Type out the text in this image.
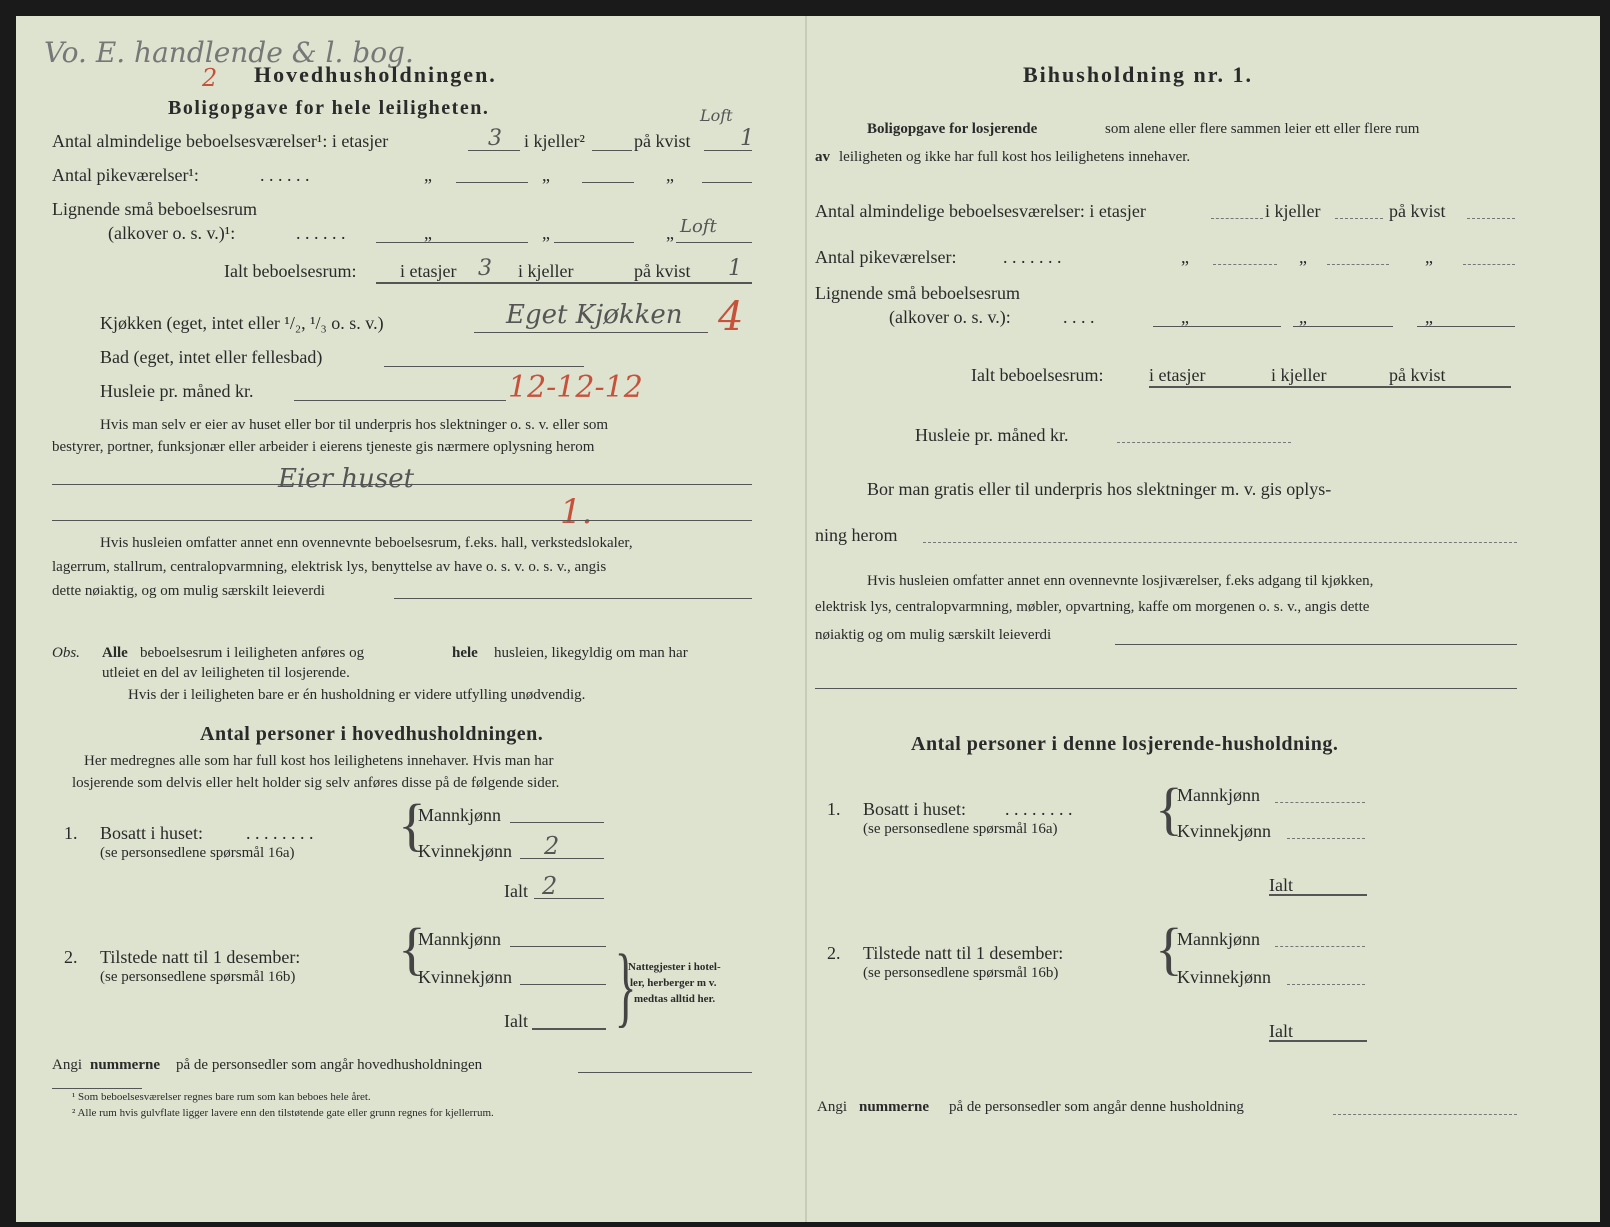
Vo. E. handlende & l. bog.
2 Hovedhusholdningen.
Boligopgave for hele leiligheten.
Antal almindelige beboelsesværelser¹: i etasjer	3 i kjeller²	på kvist 1
Loft
Antal pikeværelser¹:	. . . . . .	„	„	„
Lignende små beboelsesrum
(alkover o. s. v.)¹:	. . . . . .	„	„	„ Loft
Ialt beboelsesrum: i etasjer 3 i kjeller	på kvist 1
4
Kjøkken (eget, intet eller ¹/₂, ¹/₃ o. s. v.)	Eget Kjøkken
Bad (eget, intet eller fellesbad)
Husleie pr. måned kr.	12-12-12
Hvis man selv er eier av huset eller bor til underpris hos slektninger o. s. v. eller som
bestyrer, portner, funksjonær eller arbeider i eierens tjeneste gis nærmere oplysning herom
Eier huset
1.
Hvis husleien omfatter annet enn ovennevnte beboelsesrum, f.eks. hall, verkstedslokaler,
lagerrum, stallrum, centralopvarmning, elektrisk lys, benyttelse av have o. s. v. o. s. v., angis
dette nøiaktig, og om mulig særskilt leieverdi
Obs. Alle beboelsesrum i leiligheten anføres og	hele husleien, likegyldig om man har
utleiet en del av leiligheten til losjerende.
Hvis der i leiligheten bare er én husholdning er videre utfylling unødvendig.
Antal personer i hovedhusholdningen.
Her medregnes alle som har full kost hos leilighetens innehaver. Hvis man har
losjerende som delvis eller helt holder sig selv anføres disse på de følgende sider.
1. Bosatt i huset: . . . . . . . .
(se personsedlene spørsmål 16a) {
Mannkjønn
Kvinnekjønn 2
Ialt 2
2. Tilstede natt til 1 desember:
(se personsedlene spørsmål 16b) {
Mannkjønn
Kvinnekjønn
Ialt }
Nattegjester i hotel-
ler, herberger m v.
medtas alltid her.
Angi nummerne på de personsedler som angår hovedhusholdningen
¹ Som beboelsesværelser regnes bare rum som kan beboes hele året.
² Alle rum hvis gulvflate ligger lavere enn den tilstøtende gate eller grunn regnes for kjellerrum.
Bihusholdning nr. 1.
Boligopgave for losjerende	som alene eller flere sammen leier ett eller flere rum
av leiligheten og ikke har full kost hos leilighetens innehaver.
Antal almindelige beboelsesværelser: i etasjer	i kjeller	på kvist
Antal pikeværelser:	. . . . . . .	„	„	„
Lignende små beboelsesrum
(alkover o. s. v.):	. . . .	„	„	„
Ialt beboelsesrum:	i etasjer	i kjeller	på kvist
Husleie pr. måned kr.
Bor man gratis eller til underpris hos slektninger m. v. gis oplys-
ning herom
Hvis husleien omfatter annet enn ovennevnte losjiværelser, f.eks adgang til kjøkken,
elektrisk lys, centralopvarmning, møbler, opvartning, kaffe om morgenen o. s. v., angis dette
nøiaktig og om mulig særskilt leieverdi
Antal personer i denne losjerende-husholdning.
1. Bosatt i huset: . . . . . . . .
(se personsedlene spørsmål 16a) {
Mannkjønn
Kvinnekjønn
Ialt
2. Tilstede natt til 1 desember:
(se personsedlene spørsmål 16b) {
Mannkjønn
Kvinnekjønn
Ialt
Angi nummerne på de personsedler som angår denne husholdning
